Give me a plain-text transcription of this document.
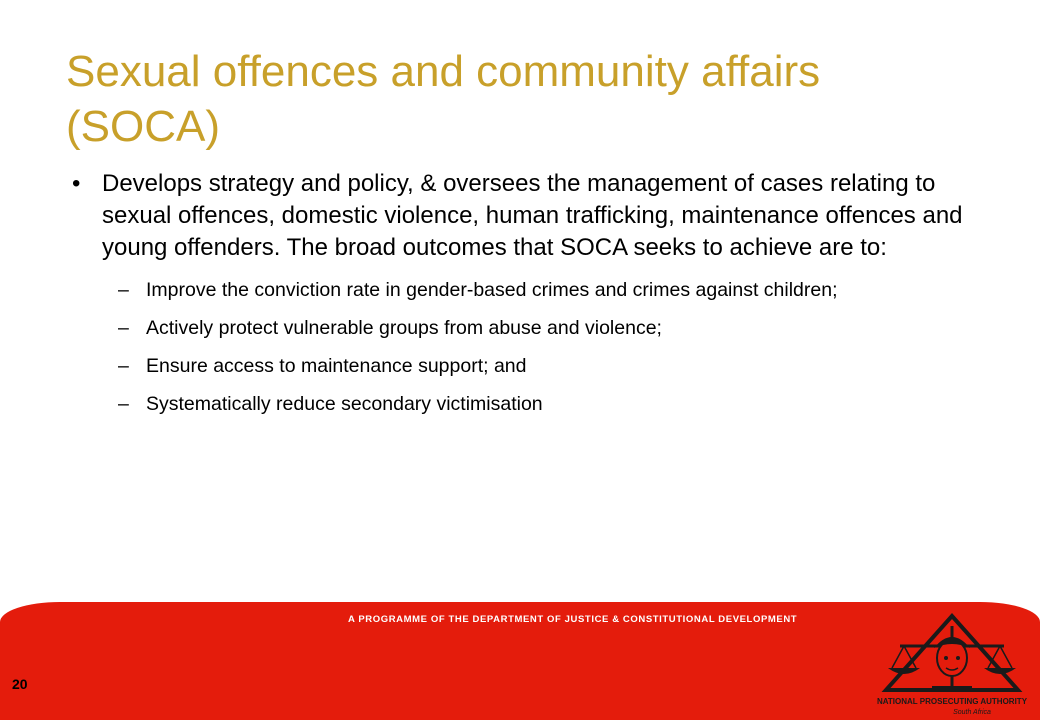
Sexual offences and community affairs (SOCA)
• Develops strategy and policy, & oversees the management of cases relating to sexual offences, domestic violence, human trafficking, maintenance offences and young offenders. The broad outcomes that SOCA seeks to achieve are to:
– Improve the conviction rate in gender-based crimes and crimes against children;
– Actively protect vulnerable groups from abuse and violence;
– Ensure access to maintenance support; and
– Systematically reduce secondary victimisation
A PROGRAMME OF THE DEPARTMENT OF JUSTICE & CONSTITUTIONAL DEVELOPMENT
20
NATIONAL PROSECUTING AUTHORITY
South Africa
